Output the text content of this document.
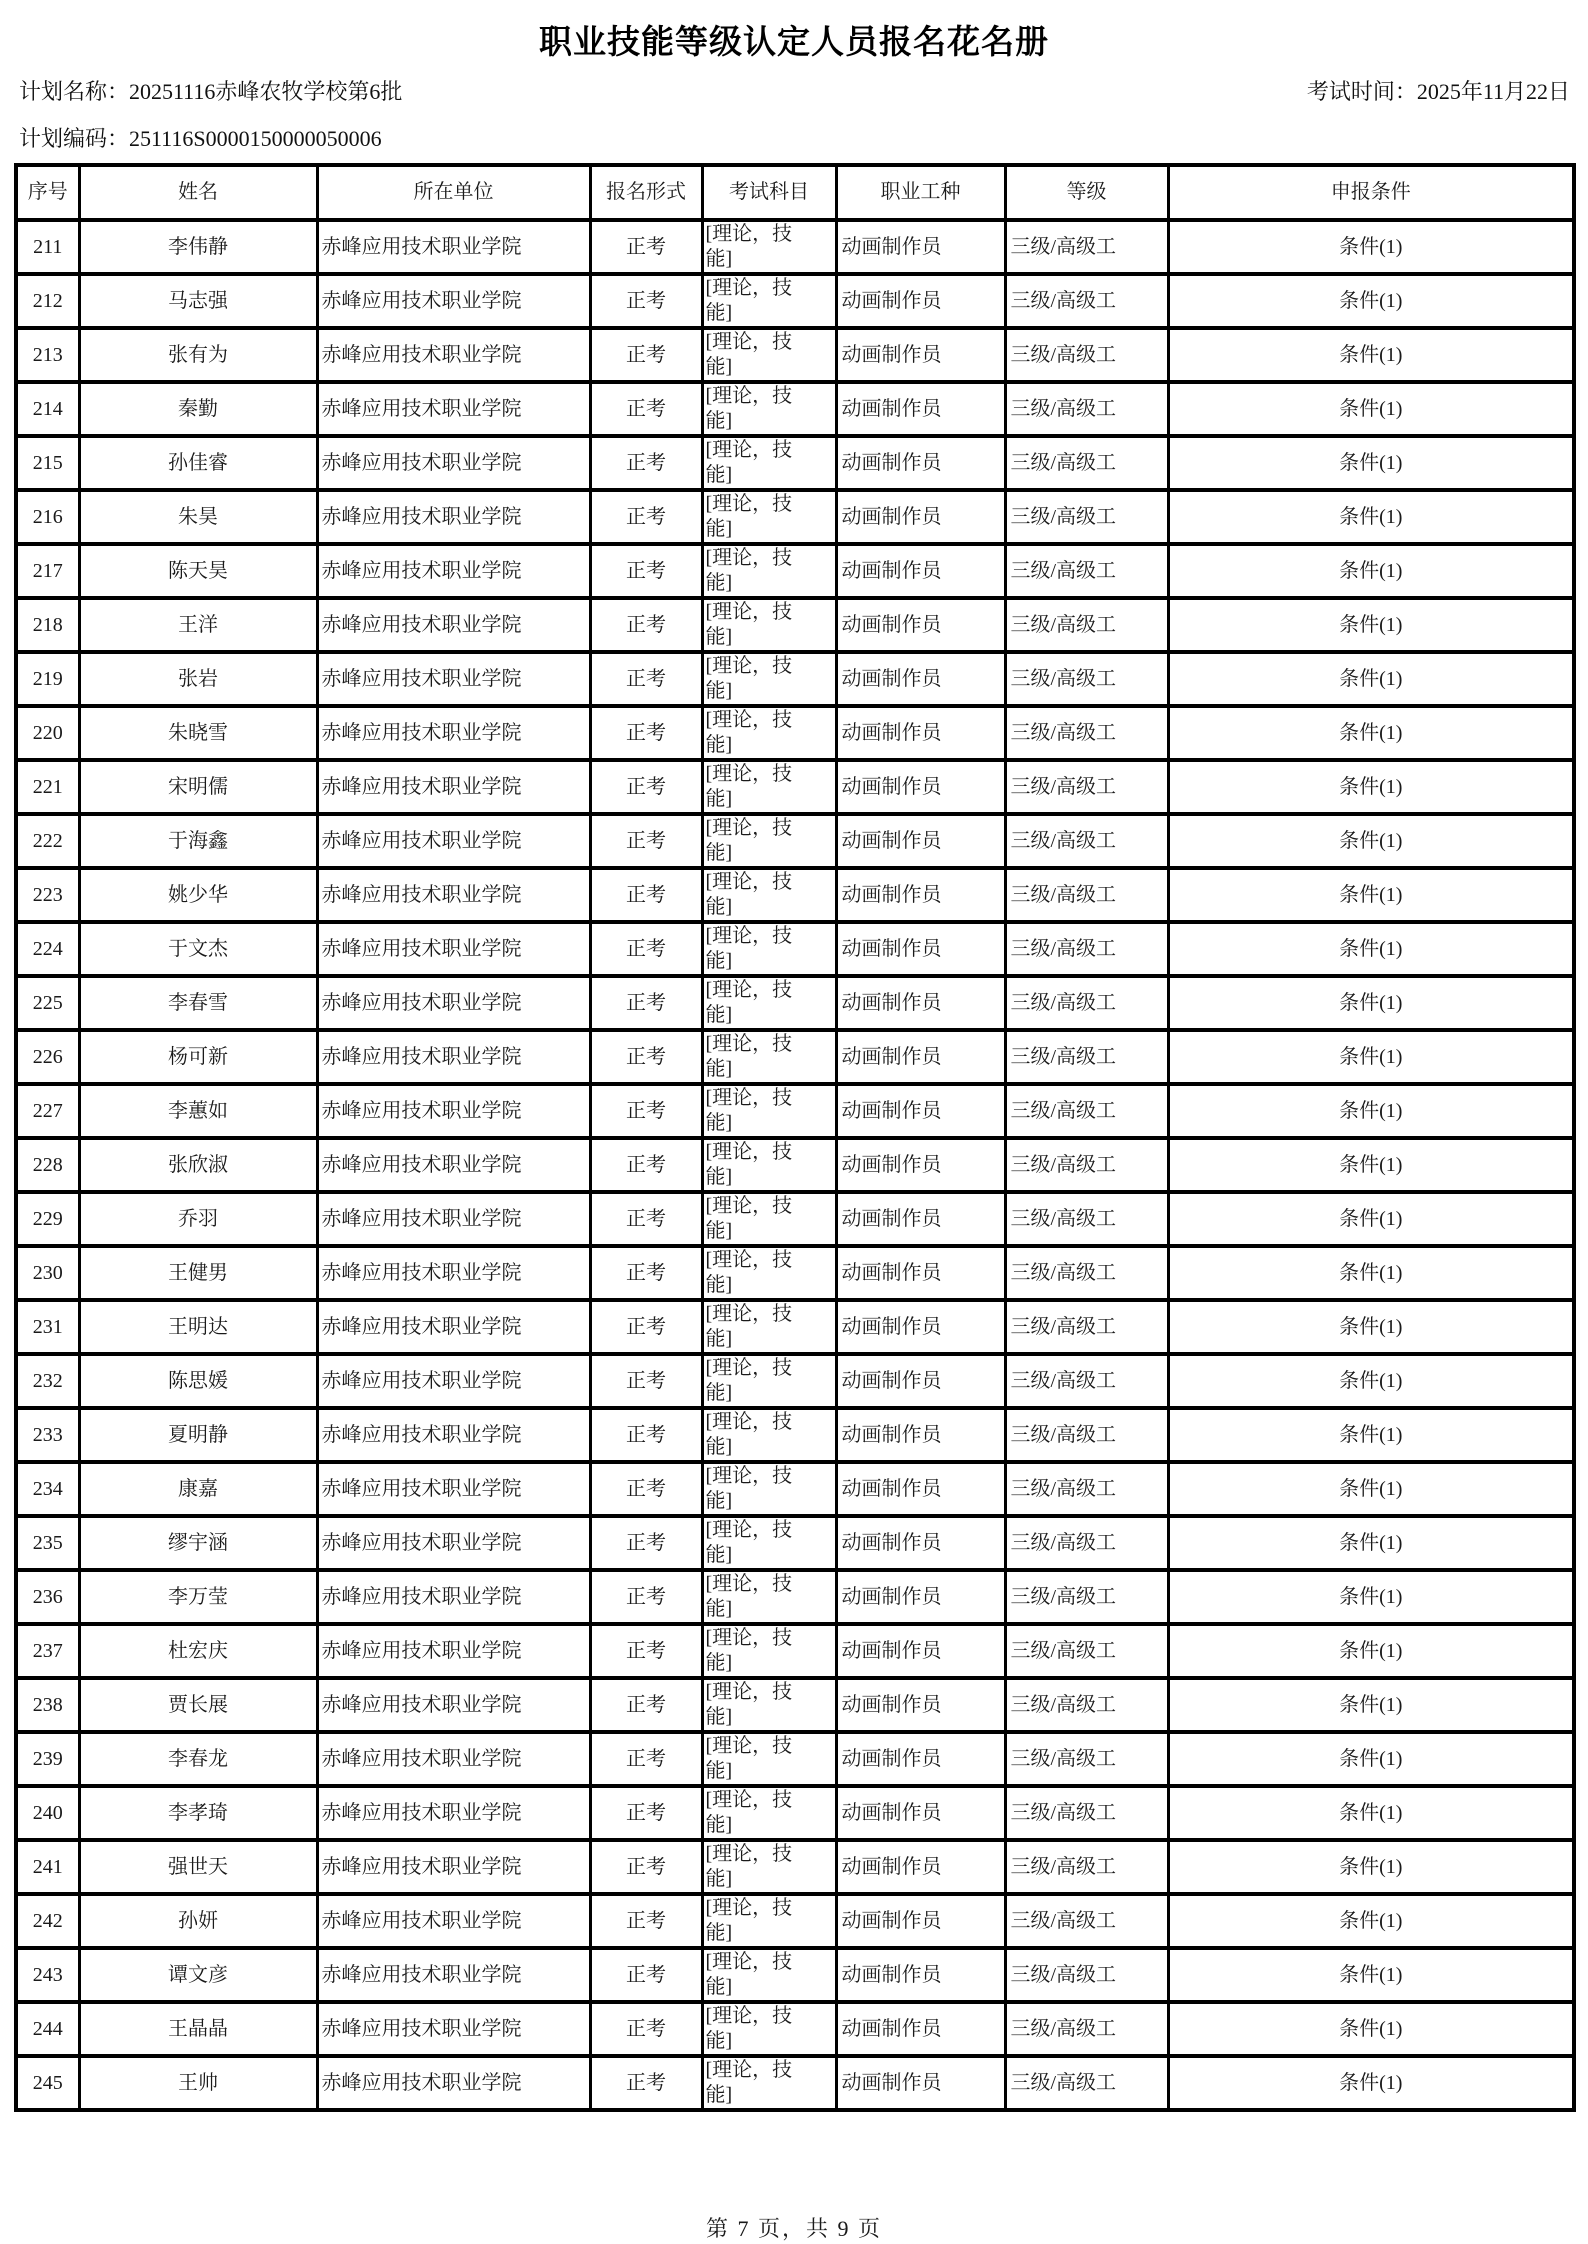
职业技能等级认定人员报名花名册
计划名称：20251116赤峰农牧学校第6批	考试时间：2025年11月22日
计划编码：251116S0000150000050006
序号	姓名	所在单位	报名形式	考试科目	职业工种	等级	申报条件
211	李伟静	赤峰应用技术职业学院	正考	[理论，技能]	动画制作员	三级/高级工	条件(1)
212	马志强	赤峰应用技术职业学院	正考	[理论，技能]	动画制作员	三级/高级工	条件(1)
213	张有为	赤峰应用技术职业学院	正考	[理论，技能]	动画制作员	三级/高级工	条件(1)
214	秦勤	赤峰应用技术职业学院	正考	[理论，技能]	动画制作员	三级/高级工	条件(1)
215	孙佳睿	赤峰应用技术职业学院	正考	[理论，技能]	动画制作员	三级/高级工	条件(1)
216	朱昊	赤峰应用技术职业学院	正考	[理论，技能]	动画制作员	三级/高级工	条件(1)
217	陈天昊	赤峰应用技术职业学院	正考	[理论，技能]	动画制作员	三级/高级工	条件(1)
218	王洋	赤峰应用技术职业学院	正考	[理论，技能]	动画制作员	三级/高级工	条件(1)
219	张岩	赤峰应用技术职业学院	正考	[理论，技能]	动画制作员	三级/高级工	条件(1)
220	朱晓雪	赤峰应用技术职业学院	正考	[理论，技能]	动画制作员	三级/高级工	条件(1)
221	宋明儒	赤峰应用技术职业学院	正考	[理论，技能]	动画制作员	三级/高级工	条件(1)
222	于海鑫	赤峰应用技术职业学院	正考	[理论，技能]	动画制作员	三级/高级工	条件(1)
223	姚少华	赤峰应用技术职业学院	正考	[理论，技能]	动画制作员	三级/高级工	条件(1)
224	于文杰	赤峰应用技术职业学院	正考	[理论，技能]	动画制作员	三级/高级工	条件(1)
225	李春雪	赤峰应用技术职业学院	正考	[理论，技能]	动画制作员	三级/高级工	条件(1)
226	杨可新	赤峰应用技术职业学院	正考	[理论，技能]	动画制作员	三级/高级工	条件(1)
227	李蕙如	赤峰应用技术职业学院	正考	[理论，技能]	动画制作员	三级/高级工	条件(1)
228	张欣淑	赤峰应用技术职业学院	正考	[理论，技能]	动画制作员	三级/高级工	条件(1)
229	乔羽	赤峰应用技术职业学院	正考	[理论，技能]	动画制作员	三级/高级工	条件(1)
230	王健男	赤峰应用技术职业学院	正考	[理论，技能]	动画制作员	三级/高级工	条件(1)
231	王明达	赤峰应用技术职业学院	正考	[理论，技能]	动画制作员	三级/高级工	条件(1)
232	陈思媛	赤峰应用技术职业学院	正考	[理论，技能]	动画制作员	三级/高级工	条件(1)
233	夏明静	赤峰应用技术职业学院	正考	[理论，技能]	动画制作员	三级/高级工	条件(1)
234	康嘉	赤峰应用技术职业学院	正考	[理论，技能]	动画制作员	三级/高级工	条件(1)
235	缪宇涵	赤峰应用技术职业学院	正考	[理论，技能]	动画制作员	三级/高级工	条件(1)
236	李万莹	赤峰应用技术职业学院	正考	[理论，技能]	动画制作员	三级/高级工	条件(1)
237	杜宏庆	赤峰应用技术职业学院	正考	[理论，技能]	动画制作员	三级/高级工	条件(1)
238	贾长展	赤峰应用技术职业学院	正考	[理论，技能]	动画制作员	三级/高级工	条件(1)
239	李春龙	赤峰应用技术职业学院	正考	[理论，技能]	动画制作员	三级/高级工	条件(1)
240	李孝琦	赤峰应用技术职业学院	正考	[理论，技能]	动画制作员	三级/高级工	条件(1)
241	强世天	赤峰应用技术职业学院	正考	[理论，技能]	动画制作员	三级/高级工	条件(1)
242	孙妍	赤峰应用技术职业学院	正考	[理论，技能]	动画制作员	三级/高级工	条件(1)
243	谭文彦	赤峰应用技术职业学院	正考	[理论，技能]	动画制作员	三级/高级工	条件(1)
244	王晶晶	赤峰应用技术职业学院	正考	[理论，技能]	动画制作员	三级/高级工	条件(1)
245	王帅	赤峰应用技术职业学院	正考	[理论，技能]	动画制作员	三级/高级工	条件(1)
第 7 页，共 9 页
